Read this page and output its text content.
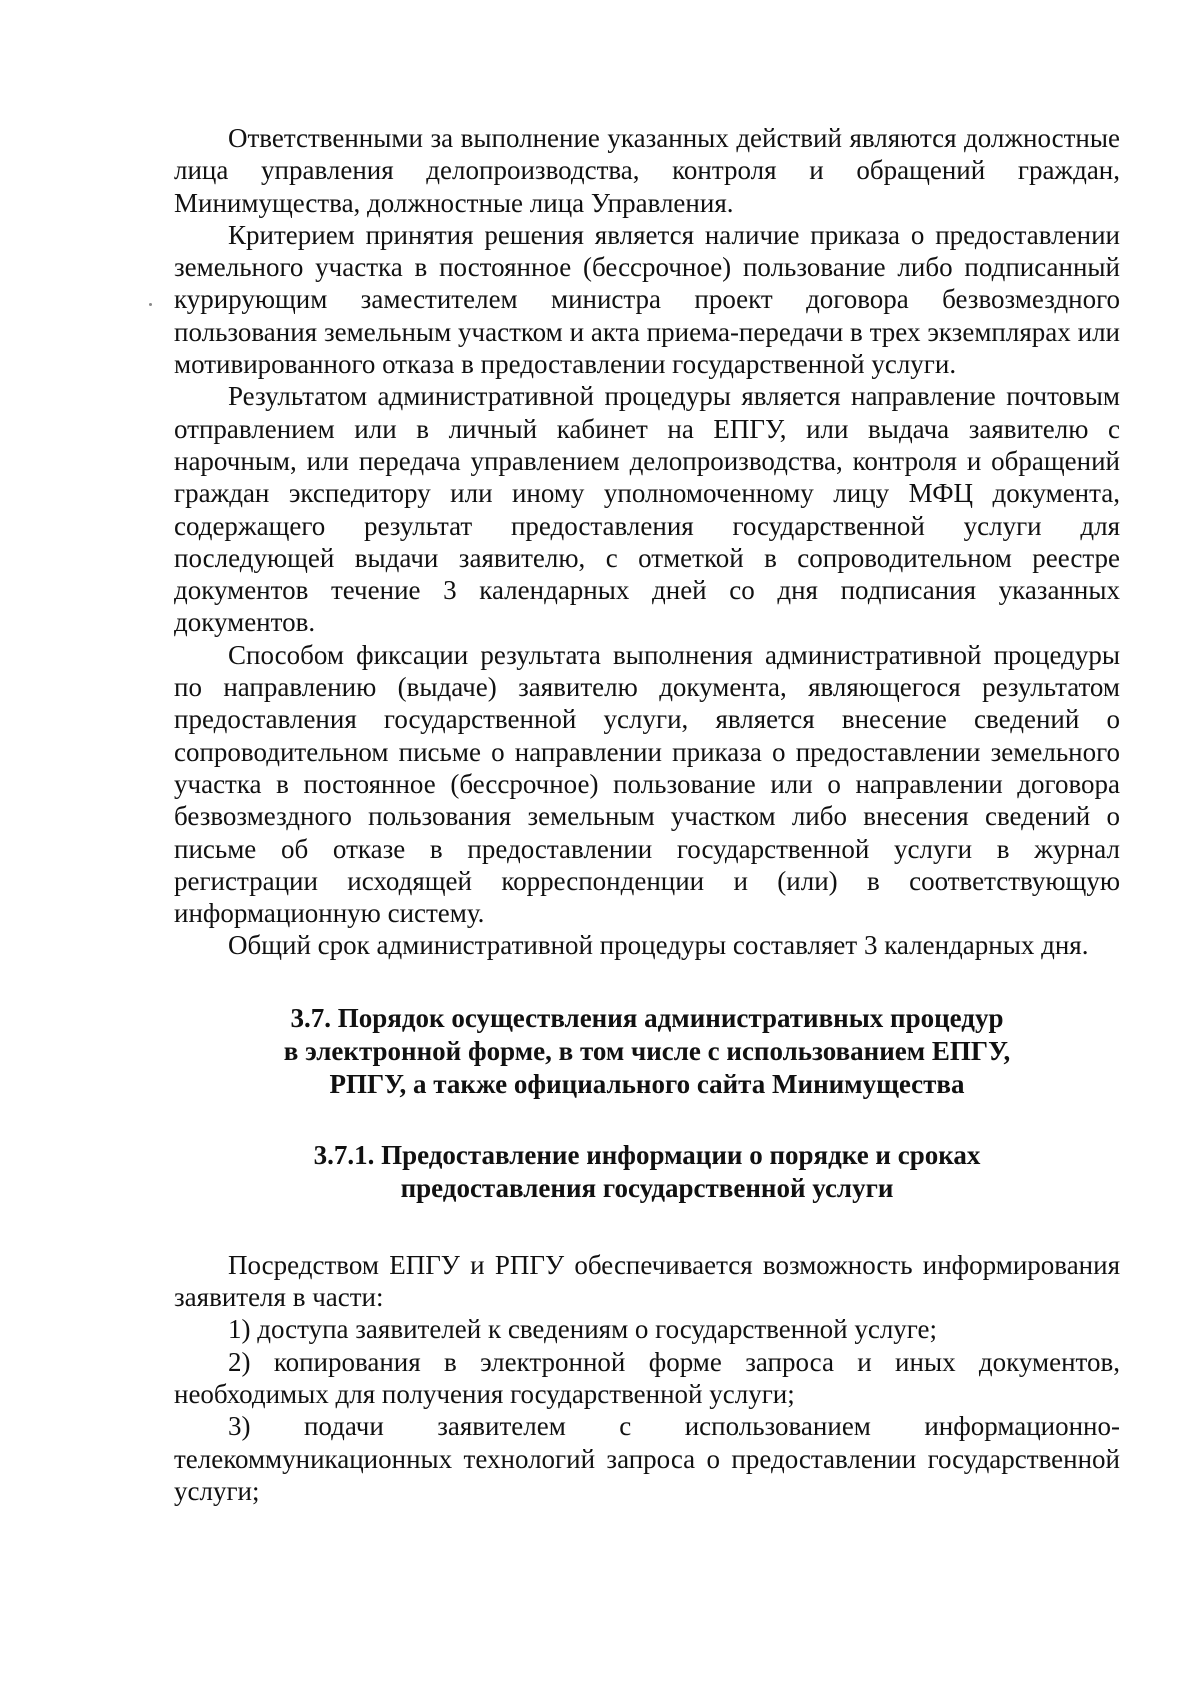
Ответственными за выполнение указанных действий являются должностные лица управления делопроизводства, контроля и обращений граждан, Минимущества, должностные лица Управления.

Критерием принятия решения является наличие приказа о предоставлении земельного участка в постоянное (бессрочное) пользование либо подписанный курирующим заместителем министра проект договора безвозмездного пользования земельным участком и акта приема-передачи в трех экземплярах или мотивированного отказа в предоставлении государственной услуги.

Результатом административной процедуры является направление почтовым отправлением или в личный кабинет на ЕПГУ, или выдача заявителю с нарочным, или передача управлением делопроизводства, контроля и обращений граждан экспедитору или иному уполномоченному лицу МФЦ документа, содержащего результат предоставления государственной услуги для последующей выдачи заявителю, с отметкой в сопроводительном реестре документов течение 3 календарных дней со дня подписания указанных документов.

Способом фиксации результата выполнения административной процедуры по направлению (выдаче) заявителю документа, являющегося результатом предоставления государственной услуги, является внесение сведений о сопроводительном письме о направлении приказа о предоставлении земельного участка в постоянное (бессрочное) пользование или о направлении договора безвозмездного пользования земельным участком либо внесения сведений о письме об отказе в предоставлении государственной услуги в журнал регистрации исходящей корреспонденции и (или) в соответствующую информационную систему.

Общий срок административной процедуры составляет 3 календарных дня.

3.7. Порядок осуществления административных процедур
в электронной форме, в том числе с использованием ЕПГУ,
РПГУ, а также официального сайта Минимущества
3.7.1. Предоставление информации о порядке и сроках
предоставления государственной услуги

Посредством ЕПГУ и РПГУ обеспечивается возможность информирования заявителя в части:

1) доступа заявителей к сведениям о государственной услуге;

2) копирования в электронной форме запроса и иных документов, необходимых для получения государственной услуги;

3) подачи заявителем с использованием информационно-телекоммуникационных технологий запроса о предоставлении государственной услуги;
